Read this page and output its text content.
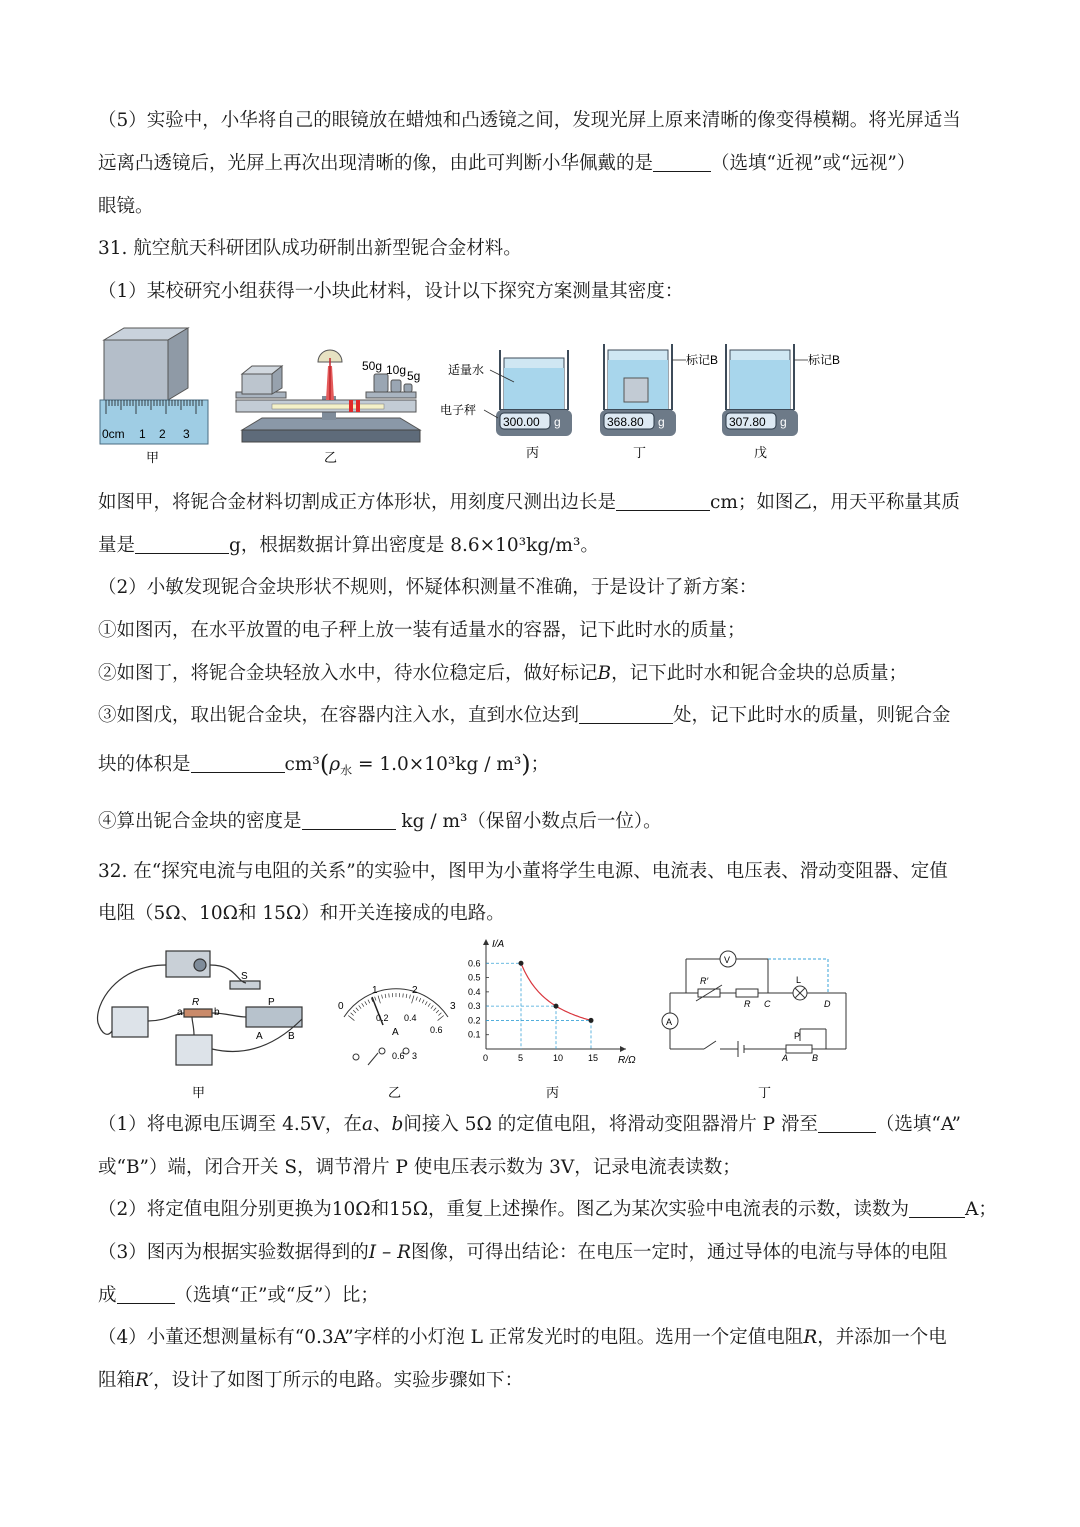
（5）实验中，小华将自己的眼镜放在蜡烛和凸透镜之间，发现光屏上原来清晰的像变得模糊。将光屏适当
远离凸透镜后，光屏上再次出现清晰的像，由此可判断小华佩戴的是	（选填“近视”或“远视”）
眼镜。
31. 航空航天科研团队成功研制出新型铌合金材料。
（1）某校研究小组获得一小块此材料，设计以下探究方案测量其密度：
0cm 1 2 3
甲
50g 10g 5g
乙
300.00 g
适量水
电子秤
丙
标记B
368.80 g
丁
标记B
307.80 g
戊
如图甲，将铌合金材料切割成正方体形状，用刻度尺测出边长是	cm；如图乙，用天平称量其质
量是	g，根据数据计算出密度是 8.6×10³kg/m³。
（2）小敏发现铌合金块形状不规则，怀疑体积测量不准确，于是设计了新方案：
①如图丙，在水平放置的电子秤上放一装有适量水的容器，记下此时水的质量；
②如图丁，将铌合金块轻放入水中，待水位稳定后，做好标记B，记下此时水和铌合金块的总质量；
③如图戊，取出铌合金块，在容器内注入水，直到水位达到	处，记下此时水的质量，则铌合金
块的体积是	$cm^3(\rho_水 = 1.0\times 10^3kg / m^3)$；
④算出铌合金块的密度是	kg / m³（保留小数点后一位）。
32. 在“探究电流与电阻的关系”的实验中，图甲为小董将学生电源、电流表、电压表、滑动变阻器、定值
电阻（5Ω、10Ω和 15Ω）和开关连接成的电路。
S
R
a	b
P
A	B
甲
0
1	2
3
0.2 0.4
0.6
A
0.6 3
乙
I/A
R/Ω
0.6
0.5
0.4
0.3
0.2
0.1
0	5	10	15
丙
V
R′
R C
L
D
A
P
A	B
丁
（1）将电源电压调至 4.5V，在a、b间接入 5Ω 的定值电阻，将滑动变阻器滑片 P 滑至	（选填“A”
或“B”）端，闭合开关 S，调节滑片 P 使电压表示数为 3V，记录电流表读数；
（2）将定值电阻分别更换为10Ω和15Ω，重复上述操作。图乙为某次实验中电流表的示数，读数为	A；
（3）图丙为根据实验数据得到的I – R图像，可得出结论：在电压一定时，通过导体的电流与导体的电阻
成	（选填“正”或“反”）比；
（4）小董还想测量标有“0.3A”字样的小灯泡 L 正常发光时的电阻。选用一个定值电阻R，并添加一个电
阻箱R′，设计了如图丁所示的电路。实验步骤如下：
